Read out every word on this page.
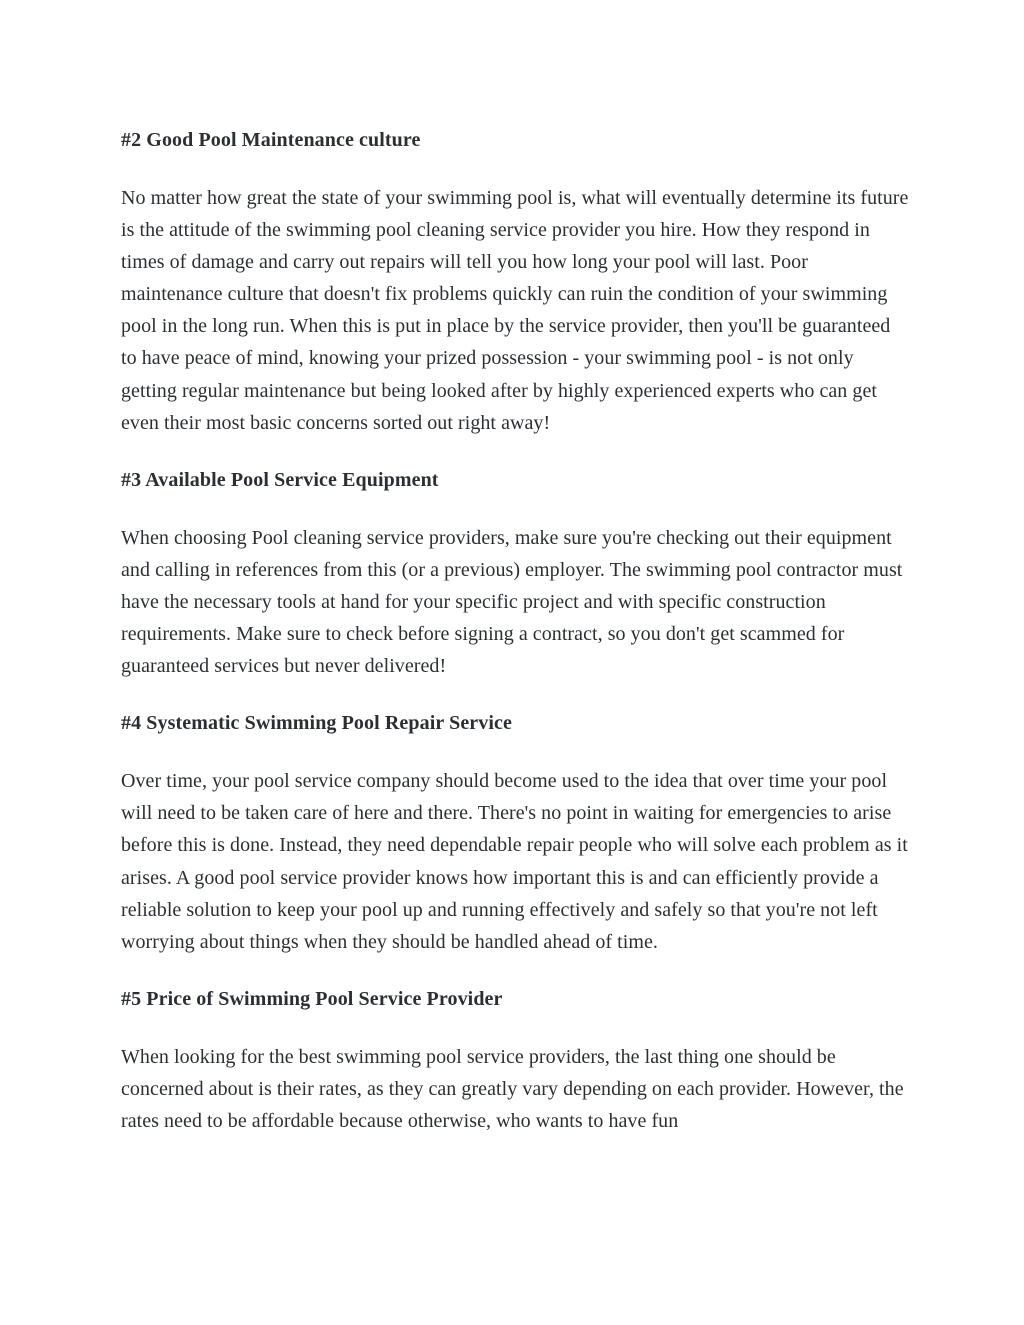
#2 Good Pool Maintenance culture
No matter how great the state of your swimming pool is, what will eventually determine its future is the attitude of the swimming pool cleaning service provider you hire. How they respond in times of damage and carry out repairs will tell you how long your pool will last. Poor maintenance culture that doesn't fix problems quickly can ruin the condition of your swimming pool in the long run. When this is put in place by the service provider, then you'll be guaranteed to have peace of mind, knowing your prized possession - your swimming pool - is not only getting regular maintenance but being looked after by highly experienced experts who can get even their most basic concerns sorted out right away!
#3 Available Pool Service Equipment
When choosing Pool cleaning service providers, make sure you're checking out their equipment and calling in references from this (or a previous) employer. The swimming pool contractor must have the necessary tools at hand for your specific project and with specific construction requirements. Make sure to check before signing a contract, so you don't get scammed for guaranteed services but never delivered!
#4 Systematic Swimming Pool Repair Service
Over time, your pool service company should become used to the idea that over time your pool will need to be taken care of here and there. There's no point in waiting for emergencies to arise before this is done. Instead, they need dependable repair people who will solve each problem as it arises. A good pool service provider knows how important this is and can efficiently provide a reliable solution to keep your pool up and running effectively and safely so that you're not left worrying about things when they should be handled ahead of time.
#5 Price of Swimming Pool Service Provider
When looking for the best swimming pool service providers, the last thing one should be concerned about is their rates, as they can greatly vary depending on each provider. However, the rates need to be affordable because otherwise, who wants to have fun
